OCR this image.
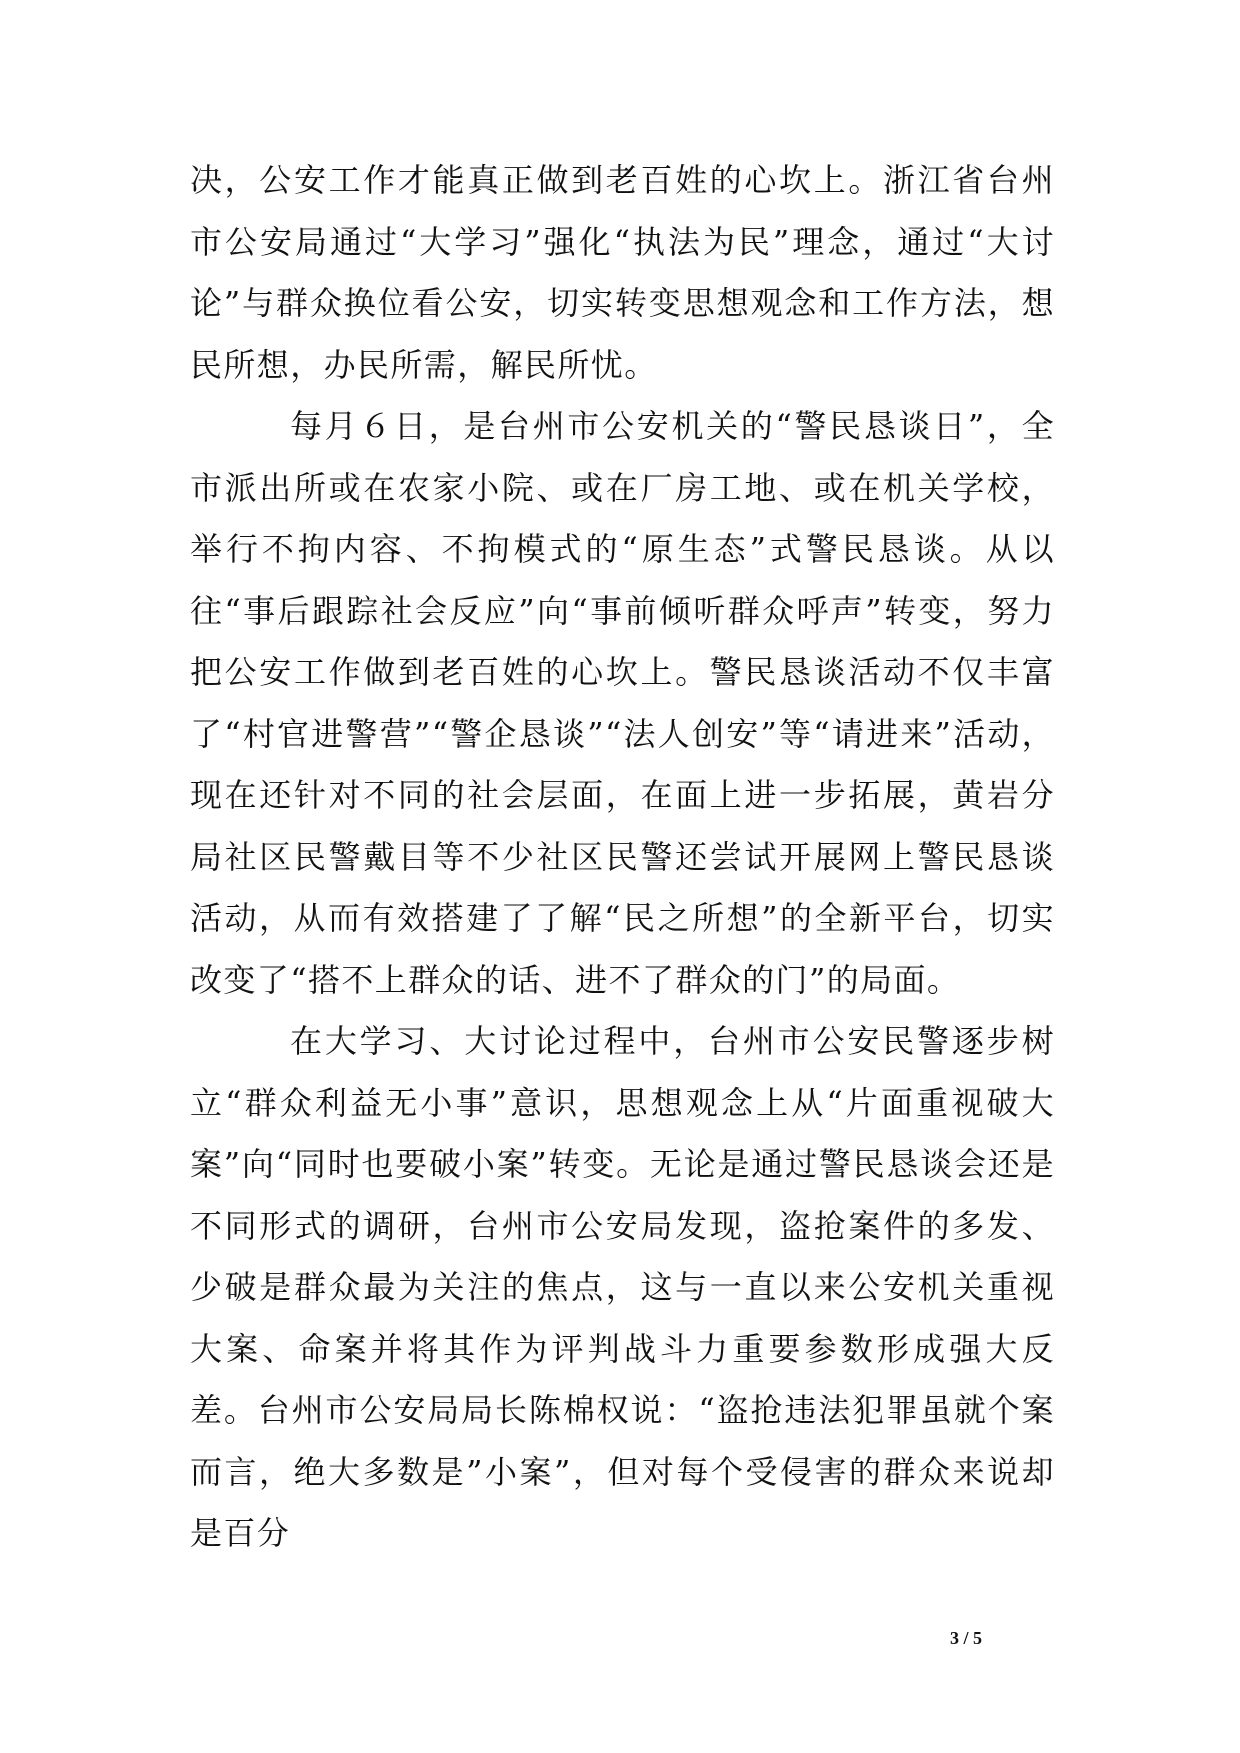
决，公安工作才能真正做到老百姓的心坎上。浙江省台州市公安局通过“大学习”强化“执法为民”理念，通过“大讨论”与群众换位看公安，切实转变思想观念和工作方法，想民所想，办民所需，解民所忧。

每月６日，是台州市公安机关的“警民恳谈日”，全市派出所或在农家小院、或在厂房工地、或在机关学校，举行不拘内容、不拘模式的“原生态”式警民恳谈。从以往“事后跟踪社会反应”向“事前倾听群众呼声”转变，努力把公安工作做到老百姓的心坎上。警民恳谈活动不仅丰富了“村官进警营”“警企恳谈”“法人创安”等“请进来”活动，现在还针对不同的社会层面，在面上进一步拓展，黄岩分局社区民警戴目等不少社区民警还尝试开展网上警民恳谈活动，从而有效搭建了了解“民之所想”的全新平台，切实改变了“搭不上群众的话、进不了群众的门”的局面。

在大学习、大讨论过程中，台州市公安民警逐步树立“群众利益无小事”意识，思想观念上从“片面重视破大案”向“同时也要破小案”转变。无论是通过警民恳谈会还是不同形式的调研，台州市公安局发现，盗抢案件的多发、少破是群众最为关注的焦点，这与一直以来公安机关重视大案、命案并将其作为评判战斗力重要参数形成强大反差。台州市公安局局长陈棉权说：“盗抢违法犯罪虽就个案而言，绝大多数是”小案”，但对每个受侵害的群众来说却是百分

3 / 5
